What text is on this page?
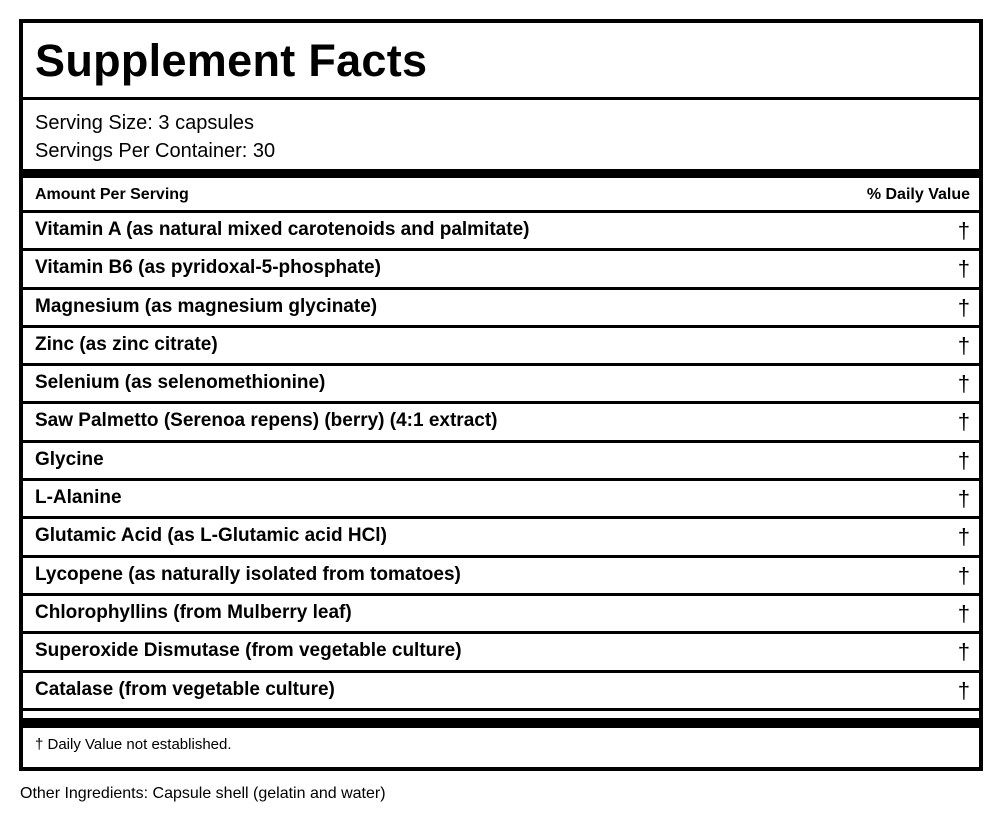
Supplement Facts
Serving Size: 3 capsules
Servings Per Container: 30
Amount Per Serving	% Daily Value
Vitamin A (as natural mixed carotenoids and palmitate)	†
Vitamin B6 (as pyridoxal-5-phosphate)	†
Magnesium (as magnesium glycinate)	†
Zinc (as zinc citrate)	†
Selenium (as selenomethionine)	†
Saw Palmetto (Serenoa repens) (berry) (4:1 extract)	†
Glycine	†
L-Alanine	†
Glutamic Acid (as L-Glutamic acid HCl)	†
Lycopene (as naturally isolated from tomatoes)	†
Chlorophyllins (from Mulberry leaf)	†
Superoxide Dismutase (from vegetable culture)	†
Catalase (from vegetable culture)	†
† Daily Value not established.
Other Ingredients: Capsule shell (gelatin and water)
